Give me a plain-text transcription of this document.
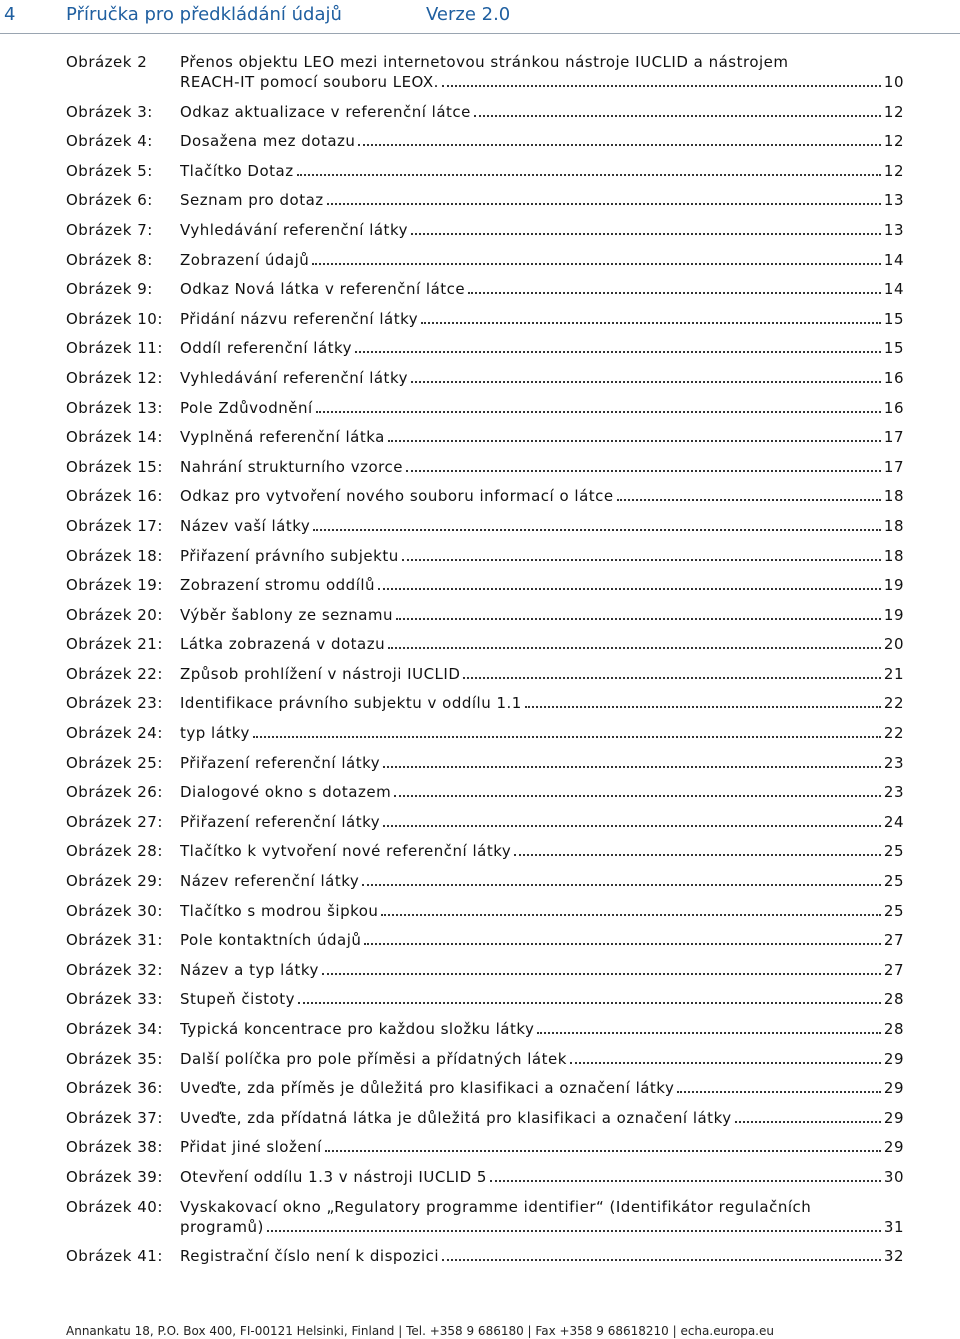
4	Příručka pro předkládání údajů	Verze 2.0
Obrázek 2	Přenos objektu LEO mezi internetovou stránkou nástroje IUCLID a nástrojem
REACH-IT pomocí souboru LEOX.	10
Obrázek 3:	Odkaz aktualizace v referenční látce	12
Obrázek 4:	Dosažena mez dotazu	12
Obrázek 5:	Tlačítko Dotaz	12
Obrázek 6:	Seznam pro dotaz	13
Obrázek 7:	Vyhledávání referenční látky	13
Obrázek 8:	Zobrazení údajů	14
Obrázek 9:	Odkaz Nová látka v referenční látce	14
Obrázek 10:	Přidání názvu referenční látky	15
Obrázek 11:	Oddíl referenční látky	15
Obrázek 12:	Vyhledávání referenční látky	16
Obrázek 13:	Pole Zdůvodnění	16
Obrázek 14:	Vyplněná referenční látka	17
Obrázek 15:	Nahrání strukturního vzorce	17
Obrázek 16:	Odkaz pro vytvoření nového souboru informací o látce	18
Obrázek 17:	Název vaší látky	18
Obrázek 18:	Přiřazení právního subjektu	18
Obrázek 19:	Zobrazení stromu oddílů	19
Obrázek 20:	Výběr šablony ze seznamu	19
Obrázek 21:	Látka zobrazená v dotazu	20
Obrázek 22:	Způsob prohlížení v nástroji IUCLID	21
Obrázek 23:	Identifikace právního subjektu v oddílu 1.1	22
Obrázek 24:	typ látky	22
Obrázek 25:	Přiřazení referenční látky	23
Obrázek 26:	Dialogové okno s dotazem	23
Obrázek 27:	Přiřazení referenční látky	24
Obrázek 28:	Tlačítko k vytvoření nové referenční látky	25
Obrázek 29:	Název referenční látky	25
Obrázek 30:	Tlačítko s modrou šipkou	25
Obrázek 31:	Pole kontaktních údajů	27
Obrázek 32:	Název a typ látky	27
Obrázek 33:	Stupeň čistoty	28
Obrázek 34:	Typická koncentrace pro každou složku látky	28
Obrázek 35:	Další políčka pro pole příměsi a přídatných látek	29
Obrázek 36:	Uveďte, zda příměs je důležitá pro klasifikaci a označení látky	29
Obrázek 37:	Uveďte, zda přídatná látka je důležitá pro klasifikaci a označení látky	29
Obrázek 38:	Přidat jiné složení	29
Obrázek 39:	Otevření oddílu 1.3 v nástroji IUCLID 5	30
Obrázek 40:	Vyskakovací okno „Regulatory programme identifier“ (Identifikátor regulačních
programů)	31
Obrázek 41:	Registrační číslo není k dispozici	32
Annankatu 18, P.O. Box 400, FI-00121 Helsinki, Finland | Tel. +358 9 686180 | Fax +358 9 68618210 | echa.europa.eu
